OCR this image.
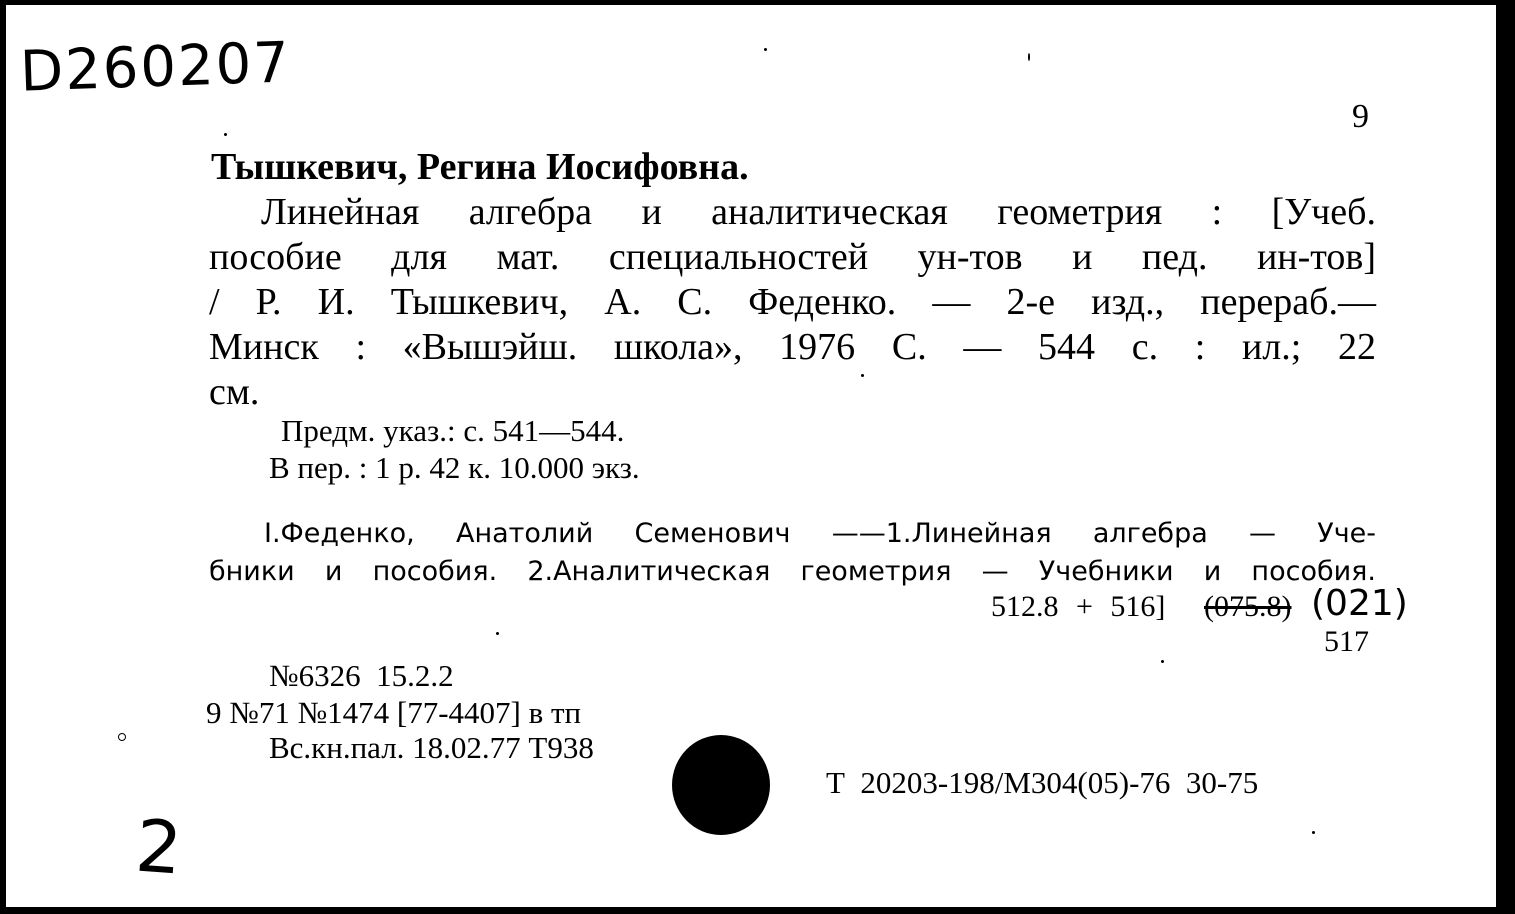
D260207
9
Тышкевич, Регина Иосифовна.
Линейная алгебра и аналитическая геометрия : [Учеб.
пособие для мат. специальностей ун-тов и пед. ин-тов]
/ Р. И. Тышкевич, А. С. Феденко. — 2-е изд., перераб.—
Минск : «Вышэйш. школа», 1976 С. — 544 с. : ил.; 22
см.
Предм. указ.: с. 541—544.
В пер. : 1 р. 42 к. 10.000 экз.
I.Феденко, Анатолий Семенович ——1.Линейная алгебра — Уче-
бники и пособия. 2.Аналитическая геометрия — Учебники и пособия.
512.8 + 516] (075.8) (021)
517
№6326  15.2.2
9 №71 №1474 [77-4407] в тп
Вс.кн.пал. 18.02.77 Т938
Т  20203-198/М304(05)-76  30-75
2
